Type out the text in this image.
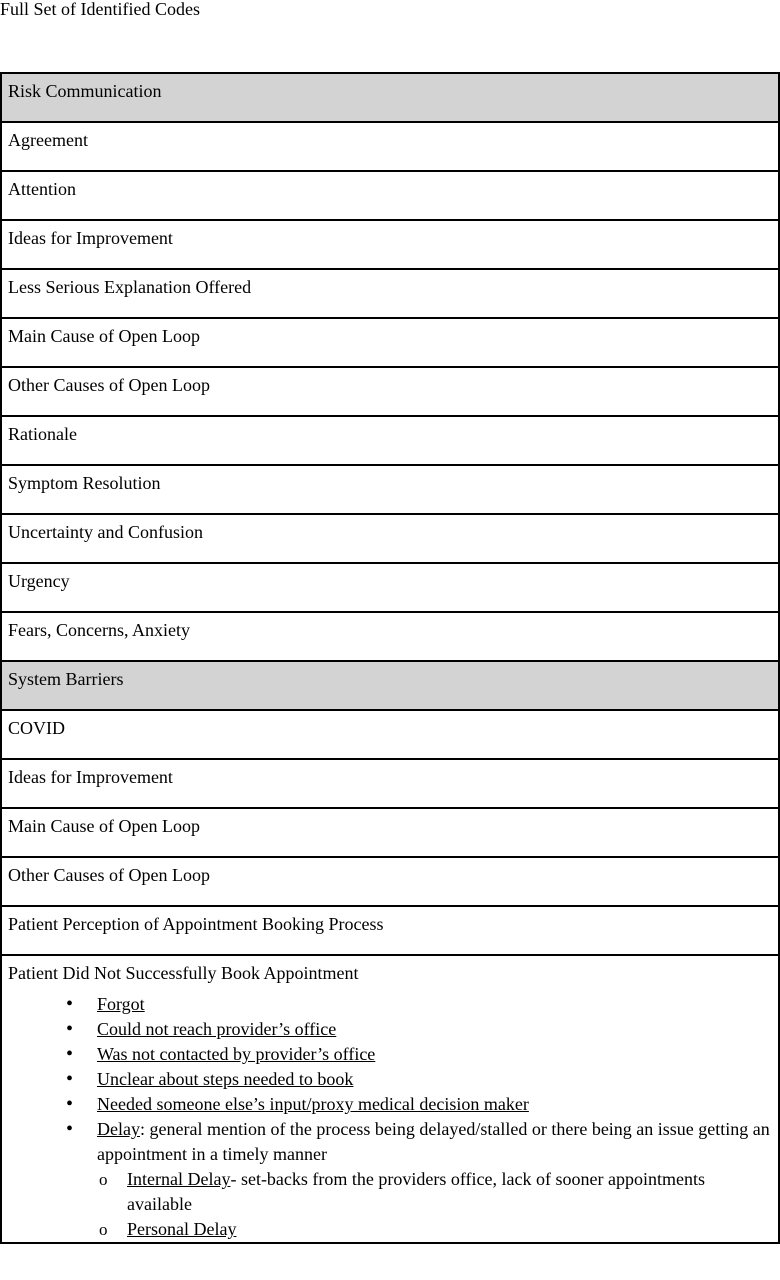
Full Set of Identified Codes
Risk Communication
Agreement
Attention
Ideas for Improvement
Less Serious Explanation Offered
Main Cause of Open Loop
Other Causes of Open Loop
Rationale
Symptom Resolution
Uncertainty and Confusion
Urgency
Fears, Concerns, Anxiety
System Barriers
COVID
Ideas for Improvement
Main Cause of Open Loop
Other Causes of Open Loop
Patient Perception of Appointment Booking Process

Patient Did Not Successfully Book Appointment
• Forgot
• Could not reach provider’s office
• Was not contacted by provider’s office
• Unclear about steps needed to book
• Needed someone else’s input/proxy medical decision maker
• Delay: general mention of the process being delayed/stalled or there being an issue getting an appointment in a timely manner
o Internal Delay- set-backs from the providers office, lack of sooner appointments available
o Personal Delay
